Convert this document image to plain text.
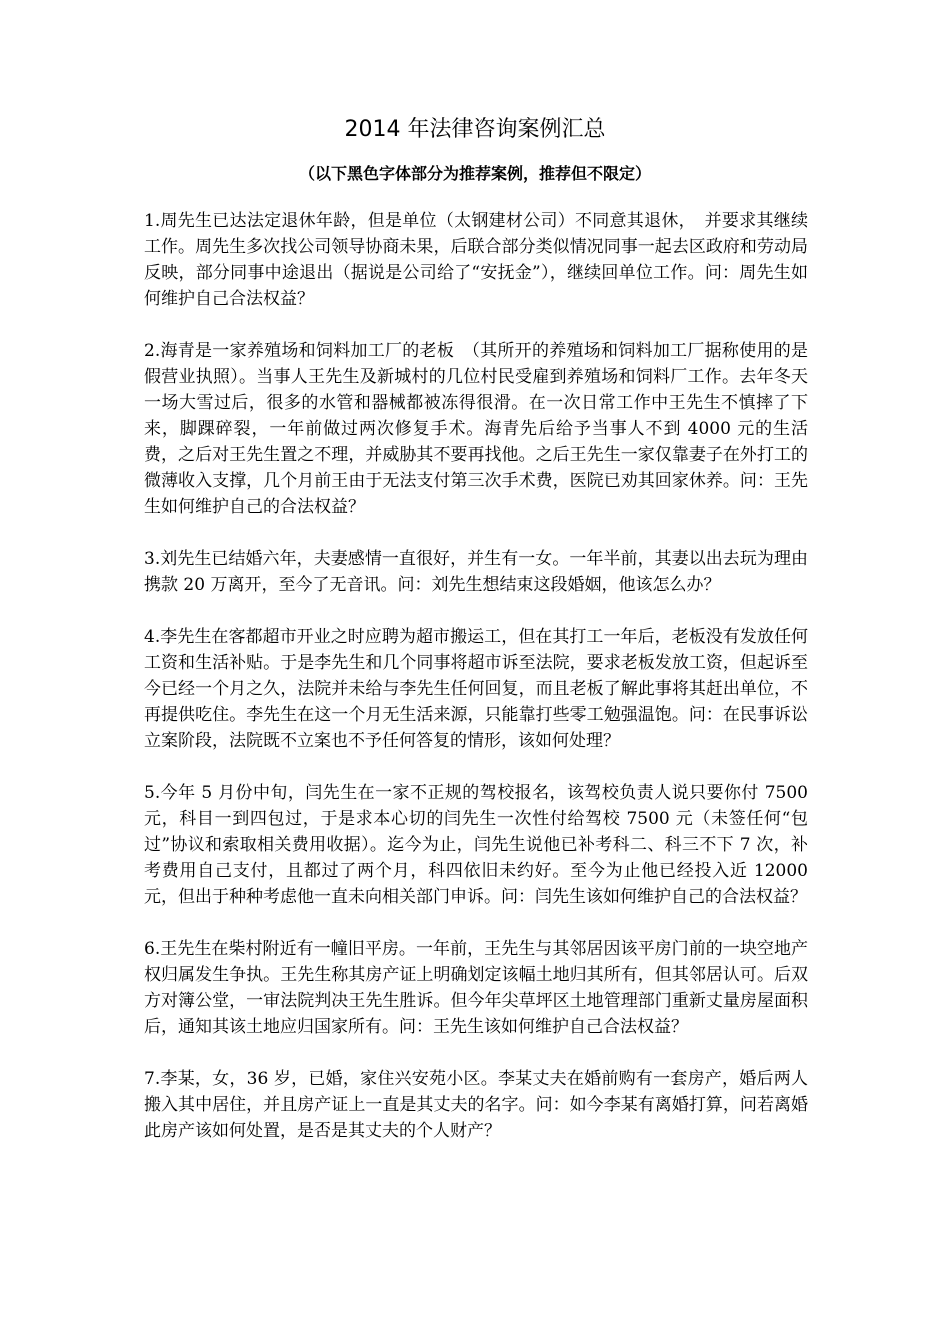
2014 年法律咨询案例汇总
（以下黑色字体部分为推荐案例，推荐但不限定）

1.周先生已达法定退休年龄，但是单位（太钢建材公司）不同意其退休，　并要求其继续工作。周先生多次找公司领导协商未果，后联合部分类似情况同事一起去区政府和劳动局反映，部分同事中途退出（据说是公司给了“安抚金”），继续回单位工作。问：周先生如何维护自己合法权益？

2.海青是一家养殖场和饲料加工厂的老板　（其所开的养殖场和饲料加工厂据称使用的是假营业执照）。当事人王先生及新城村的几位村民受雇到养殖场和饲料厂工作。去年冬天一场大雪过后，很多的水管和器械都被冻得很滑。在一次日常工作中王先生不慎摔了下来，脚踝碎裂，一年前做过两次修复手术。海青先后给予当事人不到 4000 元的生活费，之后对王先生置之不理，并威胁其不要再找他。之后王先生一家仅靠妻子在外打工的微薄收入支撑，几个月前王由于无法支付第三次手术费，医院已劝其回家休养。问：王先生如何维护自己的合法权益？

3.刘先生已结婚六年，夫妻感情一直很好，并生有一女。一年半前，其妻以出去玩为理由携款 20 万离开，至今了无音讯。问：刘先生想结束这段婚姻，他该怎么办？

4.李先生在客都超市开业之时应聘为超市搬运工，但在其打工一年后，老板没有发放任何工资和生活补贴。于是李先生和几个同事将超市诉至法院，要求老板发放工资，但起诉至今已经一个月之久，法院并未给与李先生任何回复，而且老板了解此事将其赶出单位，不再提供吃住。李先生在这一个月无生活来源，只能靠打些零工勉强温饱。问：在民事诉讼立案阶段，法院既不立案也不予任何答复的情形，该如何处理？

5.今年 5 月份中旬，闫先生在一家不正规的驾校报名，该驾校负责人说只要你付 7500 元，科目一到四包过，于是求本心切的闫先生一次性付给驾校 7500 元（未签任何“包过”协议和索取相关费用收据）。迄今为止，闫先生说他已补考科二、科三不下 7 次，补考费用自己支付，且都过了两个月，科四依旧未约好。至今为止他已经投入近 12000 元，但出于种种考虑他一直未向相关部门申诉。问：闫先生该如何维护自己的合法权益？

6.王先生在柴村附近有一幢旧平房。一年前，王先生与其邻居因该平房门前的一块空地产权归属发生争执。王先生称其房产证上明确划定该幅土地归其所有，但其邻居认可。后双方对簿公堂，一审法院判决王先生胜诉。但今年尖草坪区土地管理部门重新丈量房屋面积后，通知其该土地应归国家所有。问：王先生该如何维护自己合法权益？

7.李某，女，36 岁，已婚，家住兴安苑小区。李某丈夫在婚前购有一套房产，婚后两人搬入其中居住，并且房产证上一直是其丈夫的名字。问：如今李某有离婚打算，问若离婚此房产该如何处置，是否是其丈夫的个人财产？
